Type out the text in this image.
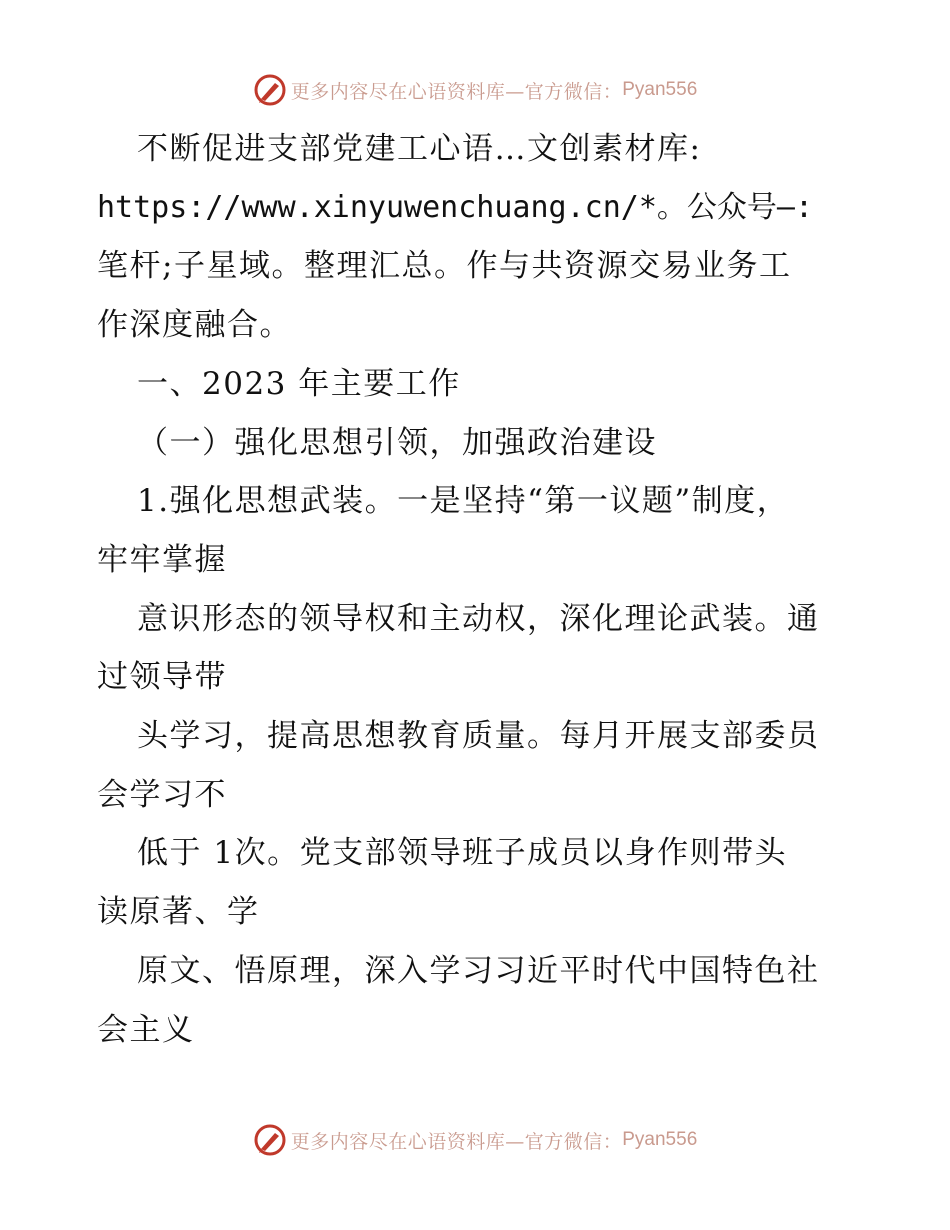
更多内容尽在心语资料库—官方微信： Pyan556

不断促进支部党建工心语…文创素材库:

https://www.xinyuwenchuang.cn/*。公众号—:

笔杆;子星域。整理汇总。作与共资源交易业务工

作深度融合。

一、2023 年主要工作

（一）强化思想引领，加强政治建设

1.强化思想武装。一是坚持“第一议题”制度，

牢牢掌握

意识形态的领导权和主动权，深化理论武装。通

过领导带

头学习，提高思想教育质量。每月开展支部委员

会学习不

低于 1次。党支部领导班子成员以身作则带头

读原著、学

原文、悟原理，深入学习习近平时代中国特色社

会主义

更多内容尽在心语资料库—官方微信： Pyan556
